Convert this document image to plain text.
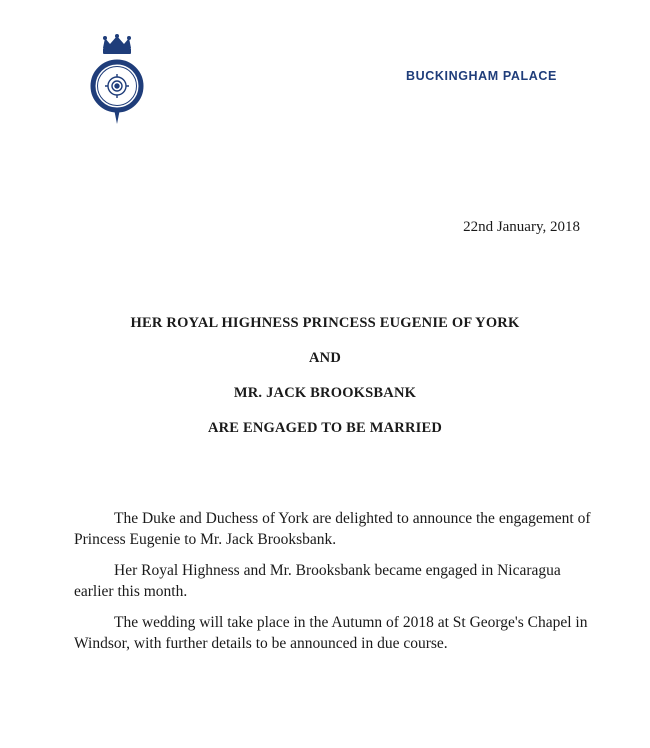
BUCKINGHAM PALACE
22nd January, 2018
HER ROYAL HIGHNESS PRINCESS EUGENIE OF YORK
AND
MR. JACK BROOKSBANK
ARE ENGAGED TO BE MARRIED

The Duke and Duchess of York are delighted to announce the engagement of Princess Eugenie to Mr. Jack Brooksbank.

Her Royal Highness and Mr. Brooksbank became engaged in Nicaragua earlier this month.

The wedding will take place in the Autumn of 2018 at St George's Chapel in Windsor, with further details to be announced in due course.
